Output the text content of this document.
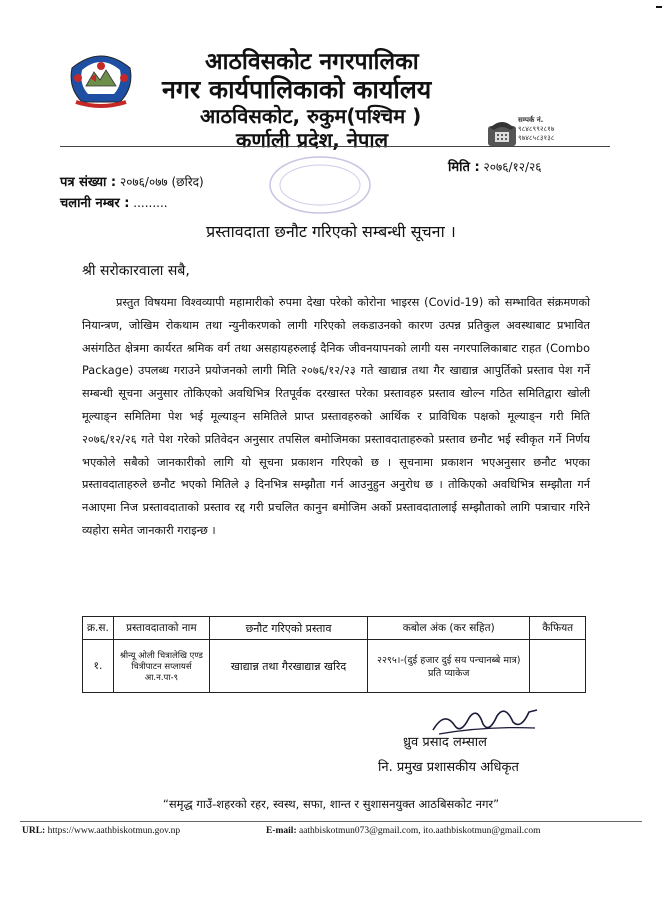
आठविसकोट नगरपालिका
नगर कार्यपालिकाको कार्यालय
आठविसकोट, रुकुम(पश्चिम )
कर्णाली प्रदेश, नेपाल
सम्पर्क नं.
९८४८९९२८१७
९७४८५८३१३८
मिति : २०७६/१२/२६
पत्र संख्या : २०७६/०७७ (छरिद)
चलानी नम्बर : .........
प्रस्तावदाता छनौट गरिएको सम्बन्धी सूचना ।
श्री सरोकारवाला सबै,
प्रस्तुत विषयमा विश्वव्यापी महामारीको रुपमा देखा परेको कोरोना भाइरस (Covid-19) को सम्भावित संक्रमणको नियान्त्रण, जोखिम रोकथाम तथा न्युनीकरणको लागी गरिएको लकडाउनको कारण उत्पन्न प्रतिकुल अवस्थाबाट प्रभावित असंगठित क्षेत्रमा कार्यरत श्रमिक वर्ग तथा असहायहरुलाई दैनिक जीवनयापनको लागी यस नगरपालिकाबाट राहत (Combo Package) उपलब्ध गराउने प्रयोजनको लागी मिति २०७६/१२/२३ गते खाद्यान्न तथा गैर खाद्यान्न आपुर्तिको प्रस्ताव पेश गर्ने सम्बन्धी सूचना अनुसार तोकिएको अवधिभित्र रितपूर्वक दरखास्त परेका प्रस्तावहरु प्रस्ताव खोल्न गठित समितिद्वारा खोली मूल्याङ्न समितिमा पेश भई मूल्याङ्न समितिले प्राप्त प्रस्तावहरुको आर्थिक र प्राविधिक पक्षको मूल्याङ्न गरी मिति २०७६/१२/२६ गते पेश गरेको प्रतिवेदन अनुसार तपसिल बमोजिमका प्रस्तावदाताहरुको प्रस्ताव छनौट भई स्वीकृत गर्ने निर्णय भएकोले सबैको जानकारीको लागि यो सूचना प्रकाशन गरिएको छ । सूचनामा प्रकाशन भएअनुसार छनौट भएका प्रस्तावदाताहरुले छनौट भएको मितिले ३ दिनभित्र सम्झौता गर्न आउनुहुन अनुरोध छ । तोकिएको अवधिभित्र सम्झौता गर्न नआएमा निज प्रस्तावदाताको प्रस्ताव रद्द गरी प्रचलित कानुन बमोजिम अर्को प्रस्तावदातालाई सम्झौताको लागि पत्राचार गरिने व्यहोरा समेत जानकारी गराइन्छ ।
क्र.स.	प्रस्तावदाताको नाम	छनौट गरिएको प्रस्ताव	कबोल अंक (कर सहित)	कैफियत
१.	श्रीन्यू ओली चित्रालेखि एण्ड चित्रीपाटन सप्लायर्स आ.न.पा-९	खाद्यान्न तथा गैरखाद्यान्न खरिद	२२९५।-(दुई हजार दुई सय पन्चानब्बे मात्र) प्रति प्याकेज	
ध्रुव प्रसाद लम्साल
नि. प्रमुख प्रशासकीय अधिकृत
“समृद्ध गाउँ-शहरको रहर, स्वस्थ, सफा, शान्त र सुशासनयुक्त आठबिसकोट नगर”
URL: https://www.aathbiskotmun.gov.np	E-mail: aathbiskotmun073@gmail.com, ito.aathbiskotmun@gmail.com
